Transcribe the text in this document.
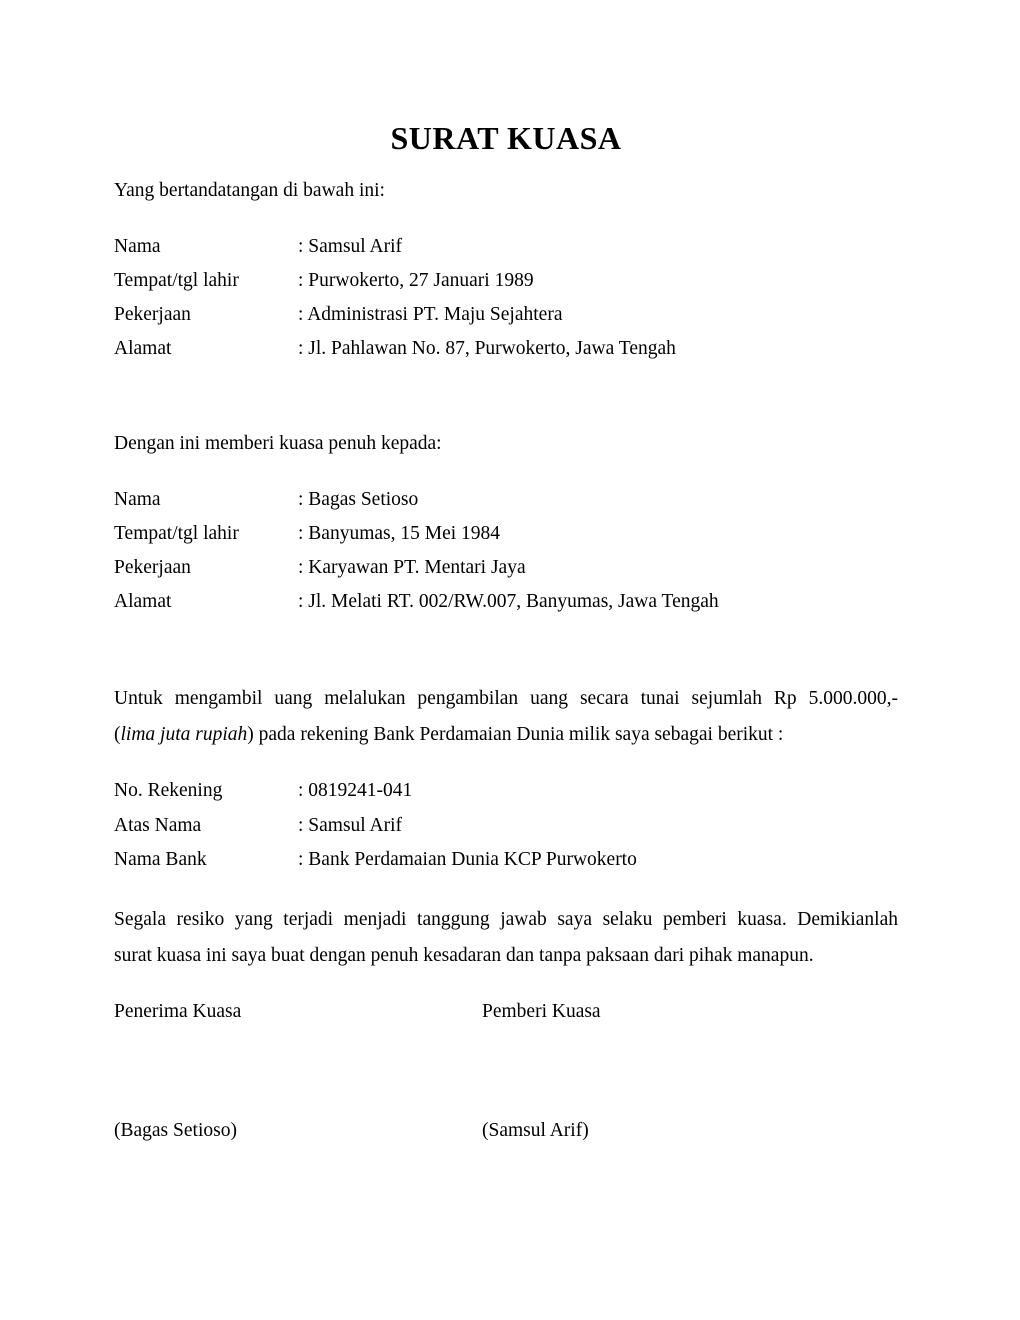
SURAT KUASA
Yang bertandatangan di bawah ini:
Nama	: Samsul Arif
Tempat/tgl lahir	: Purwokerto, 27 Januari 1989
Pekerjaan	: Administrasi PT. Maju Sejahtera
Alamat	: Jl. Pahlawan No. 87, Purwokerto, Jawa Tengah
Dengan ini memberi kuasa penuh kepada:
Nama	: Bagas Setioso
Tempat/tgl lahir	: Banyumas, 15 Mei 1984
Pekerjaan	: Karyawan PT. Mentari Jaya
Alamat	: Jl. Melati RT. 002/RW.007, Banyumas, Jawa Tengah
Untuk mengambil uang melalukan pengambilan uang secara tunai sejumlah Rp 5.000.000,-
(lima juta rupiah) pada rekening Bank Perdamaian Dunia milik saya sebagai berikut :
No. Rekening	: 0819241-041
Atas Nama	: Samsul Arif
Nama Bank	: Bank Perdamaian Dunia KCP Purwokerto
Segala resiko yang terjadi menjadi tanggung jawab saya selaku pemberi kuasa. Demikianlah
surat kuasa ini saya buat dengan penuh kesadaran dan tanpa paksaan dari pihak manapun.
Penerima Kuasa	Pemberi Kuasa
(Bagas Setioso)	(Samsul Arif)
